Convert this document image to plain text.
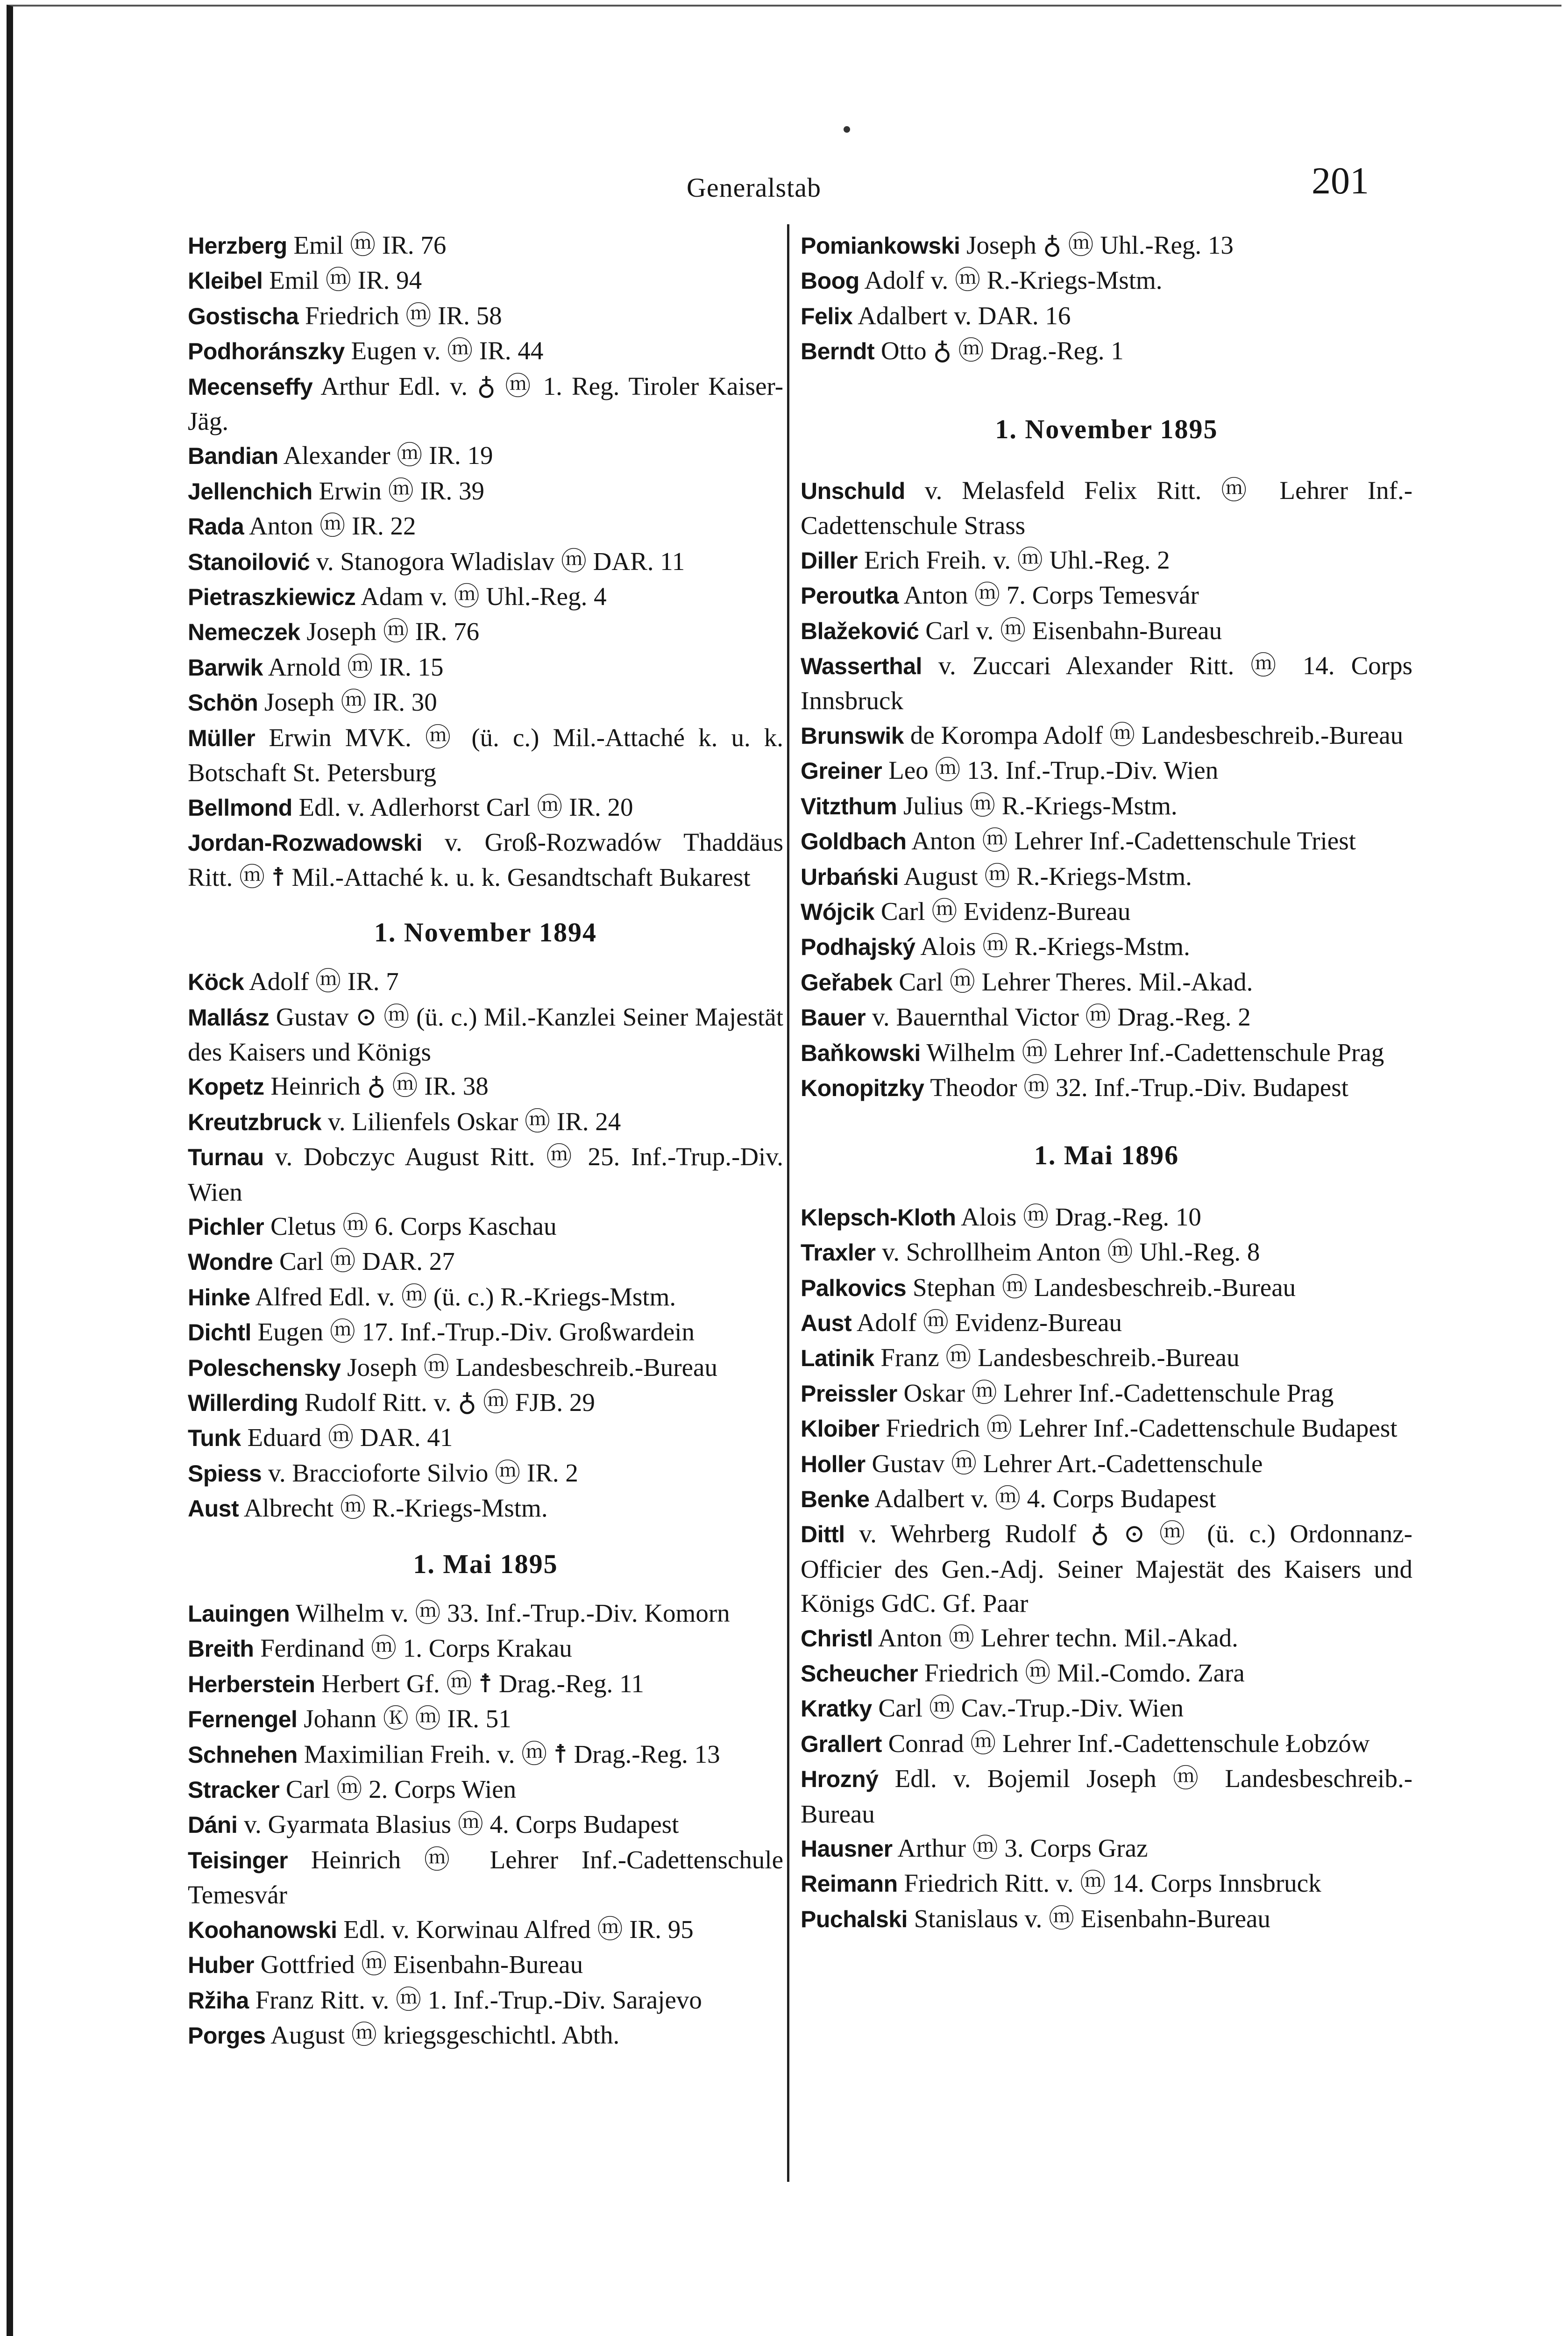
Generalstab	201

Herzberg Emil ⓜ IR. 76

Kleibel Emil ⓜ IR. 94

Gostischa Friedrich ⓜ IR. 58

Podhoránszky Eugen v. ⓜ IR. 44

Mecenseffy Arthur Edl. v. ♁ ⓜ 1. Reg. Tiroler Kaiser-Jäg.

Bandian Alexander ⓜ IR. 19

Jellenchich Erwin ⓜ IR. 39

Rada Anton ⓜ IR. 22

Stanoilović v. Stanogora Wladislav ⓜ DAR. 11

Pietraszkiewicz Adam v. ⓜ Uhl.-Reg. 4

Nemeczek Joseph ⓜ IR. 76

Barwik Arnold ⓜ IR. 15

Schön Joseph ⓜ IR. 30

Müller Erwin MVK. ⓜ (ü. c.) Mil.-Attaché k. u. k. Botschaft St. Petersburg

Bellmond Edl. v. Adlerhorst Carl ⓜ IR. 20

Jordan-Rozwadowski v. Groß-Rozwadów Thaddäus Ritt. ⓜ ☨ Mil.-Attaché k. u. k. Gesandtschaft Bukarest

1. November 1894

Köck Adolf ⓜ IR. 7

Mallász Gustav ⊙ ⓜ (ü. c.) Mil.-Kanzlei Seiner Majestät des Kaisers und Königs

Kopetz Heinrich ♁ ⓜ IR. 38

Kreutzbruck v. Lilienfels Oskar ⓜ IR. 24

Turnau v. Dobczyc August Ritt. ⓜ 25. Inf.-Trup.-Div. Wien

Pichler Cletus ⓜ 6. Corps Kaschau

Wondre Carl ⓜ DAR. 27

Hinke Alfred Edl. v. ⓜ (ü. c.) R.-Kriegs-Mstm.

Dichtl Eugen ⓜ 17. Inf.-Trup.-Div. Großwardein

Poleschensky Joseph ⓜ Landesbeschreib.-Bureau

Willerding Rudolf Ritt. v. ♁ ⓜ FJB. 29

Tunk Eduard ⓜ DAR. 41

Spiess v. Braccioforte Silvio ⓜ IR. 2

Aust Albrecht ⓜ R.-Kriegs-Mstm.

1. Mai 1895

Lauingen Wilhelm v. ⓜ 33. Inf.-Trup.-Div. Komorn

Breith Ferdinand ⓜ 1. Corps Krakau

Herberstein Herbert Gf. ⓜ ☨ Drag.-Reg. 11

Fernengel Johann Ⓚ ⓜ IR. 51

Schnehen Maximilian Freih. v. ⓜ ☨ Drag.-Reg. 13

Stracker Carl ⓜ 2. Corps Wien

Dáni v. Gyarmata Blasius ⓜ 4. Corps Budapest

Teisinger Heinrich ⓜ Lehrer Inf.-Cadettenschule Temesvár

Koohanowski Edl. v. Korwinau Alfred ⓜ IR. 95

Huber Gottfried ⓜ Eisenbahn-Bureau

Ržiha Franz Ritt. v. ⓜ 1. Inf.-Trup.-Div. Sarajevo

Porges August ⓜ kriegsgeschichtl. Abth.

Pomiankowski Joseph ♁ ⓜ Uhl.-Reg. 13

Boog Adolf v. ⓜ R.-Kriegs-Mstm.

Felix Adalbert v. DAR. 16

Berndt Otto ♁ ⓜ Drag.-Reg. 1

1. November 1895

Unschuld v. Melasfeld Felix Ritt. ⓜ Lehrer Inf.-Cadettenschule Strass

Diller Erich Freih. v. ⓜ Uhl.-Reg. 2

Peroutka Anton ⓜ 7. Corps Temesvár

Blažeković Carl v. ⓜ Eisenbahn-Bureau

Wasserthal v. Zuccari Alexander Ritt. ⓜ 14. Corps Innsbruck

Brunswik de Korompa Adolf ⓜ Landesbeschreib.-Bureau

Greiner Leo ⓜ 13. Inf.-Trup.-Div. Wien

Vitzthum Julius ⓜ R.-Kriegs-Mstm.

Goldbach Anton ⓜ Lehrer Inf.-Cadettenschule Triest

Urbański August ⓜ R.-Kriegs-Mstm.

Wójcik Carl ⓜ Evidenz-Bureau

Podhajský Alois ⓜ R.-Kriegs-Mstm.

Geřabek Carl ⓜ Lehrer Theres. Mil.-Akad.

Bauer v. Bauernthal Victor ⓜ Drag.-Reg. 2

Baňkowski Wilhelm ⓜ Lehrer Inf.-Cadettenschule Prag

Konopitzky Theodor ⓜ 32. Inf.-Trup.-Div. Budapest

1. Mai 1896

Klepsch-Kloth Alois ⓜ Drag.-Reg. 10

Traxler v. Schrollheim Anton ⓜ Uhl.-Reg. 8

Palkovics Stephan ⓜ Landesbeschreib.-Bureau

Aust Adolf ⓜ Evidenz-Bureau

Latinik Franz ⓜ Landesbeschreib.-Bureau

Preissler Oskar ⓜ Lehrer Inf.-Cadettenschule Prag

Kloiber Friedrich ⓜ Lehrer Inf.-Cadettenschule Budapest

Holler Gustav ⓜ Lehrer Art.-Cadettenschule

Benke Adalbert v. ⓜ 4. Corps Budapest

Dittl v. Wehrberg Rudolf ♁ ⊙ ⓜ (ü. c.) Ordonnanz-Officier des Gen.-Adj. Seiner Majestät des Kaisers und Königs GdC. Gf. Paar

Christl Anton ⓜ Lehrer techn. Mil.-Akad.

Scheucher Friedrich ⓜ Mil.-Comdo. Zara

Kratky Carl ⓜ Cav.-Trup.-Div. Wien

Grallert Conrad ⓜ Lehrer Inf.-Cadettenschule Łobzów

Hrozný Edl. v. Bojemil Joseph ⓜ Landesbeschreib.-Bureau

Hausner Arthur ⓜ 3. Corps Graz

Reimann Friedrich Ritt. v. ⓜ 14. Corps Innsbruck

Puchalski Stanislaus v. ⓜ Eisenbahn-Bureau
